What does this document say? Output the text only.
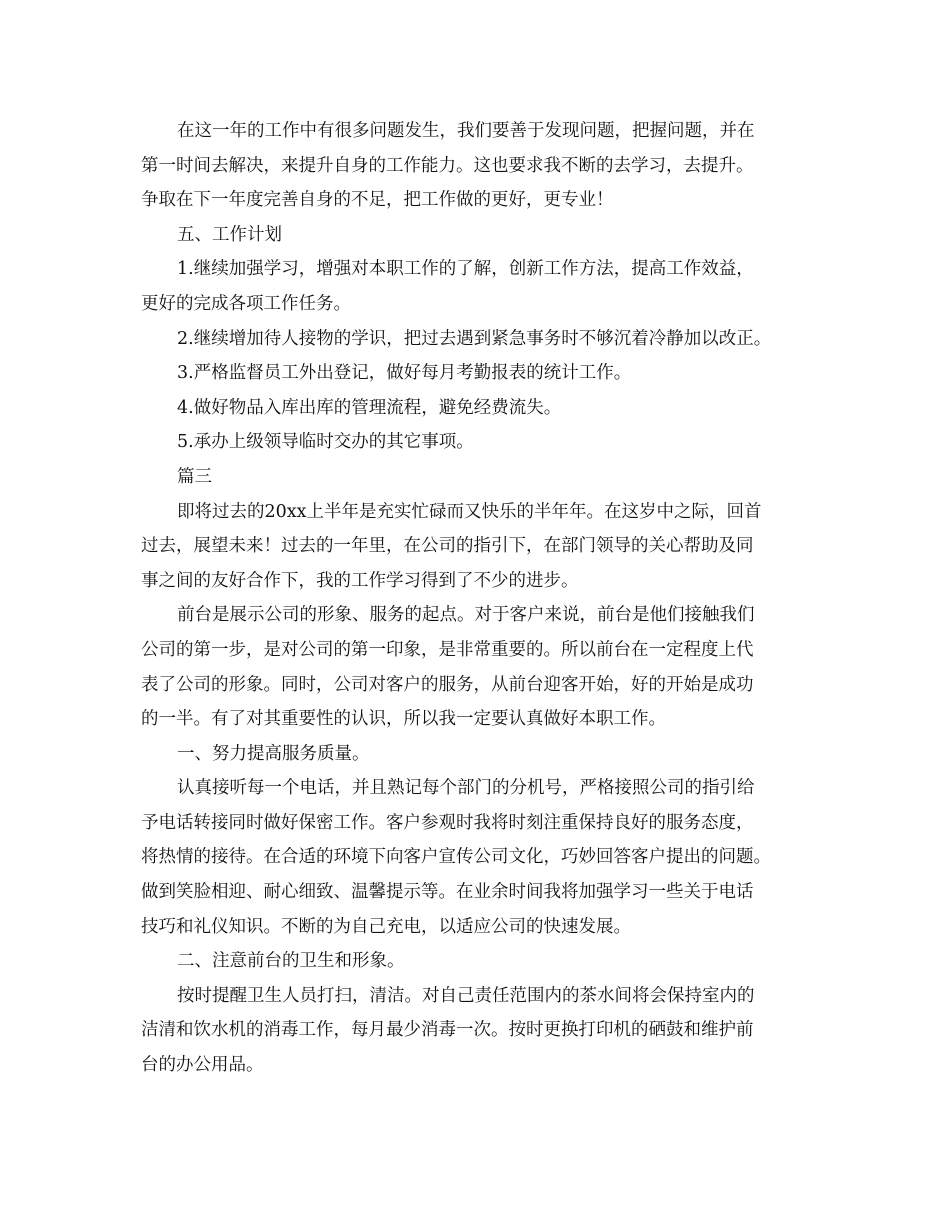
在这一年的工作中有很多问题发生，我们要善于发现问题，把握问题，并在
第一时间去解决，来提升自身的工作能力。这也要求我不断的去学习，去提升。
争取在下一年度完善自身的不足，把工作做的更好，更专业！
五、工作计划
1.继续加强学习，增强对本职工作的了解，创新工作方法，提高工作效益，
更好的完成各项工作任务。
2.继续增加待人接物的学识，把过去遇到紧急事务时不够沉着冷静加以改正。
3.严格监督员工外出登记，做好每月考勤报表的统计工作。
4.做好物品入库出库的管理流程，避免经费流失。
5.承办上级领导临时交办的其它事项。
篇三
即将过去的20xx上半年是充实忙碌而又快乐的半年年。在这岁中之际，回首
过去，展望未来！过去的一年里，在公司的指引下，在部门领导的关心帮助及同
事之间的友好合作下，我的工作学习得到了不少的进步。
前台是展示公司的形象、服务的起点。对于客户来说，前台是他们接触我们
公司的第一步，是对公司的第一印象，是非常重要的。所以前台在一定程度上代
表了公司的形象。同时，公司对客户的服务，从前台迎客开始，好的开始是成功
的一半。有了对其重要性的认识，所以我一定要认真做好本职工作。
一、努力提高服务质量。
认真接听每一个电话，并且熟记每个部门的分机号，严格接照公司的指引给
予电话转接同时做好保密工作。客户参观时我将时刻注重保持良好的服务态度，
将热情的接待。在合适的环境下向客户宣传公司文化，巧妙回答客户提出的问题。
做到笑脸相迎、耐心细致、温馨提示等。在业余时间我将加强学习一些关于电话
技巧和礼仪知识。不断的为自己充电，以适应公司的快速发展。
二、注意前台的卫生和形象。
按时提醒卫生人员打扫，清洁。对自己责任范围内的茶水间将会保持室内的
洁清和饮水机的消毒工作，每月最少消毒一次。按时更换打印机的硒鼓和维护前
台的办公用品。
